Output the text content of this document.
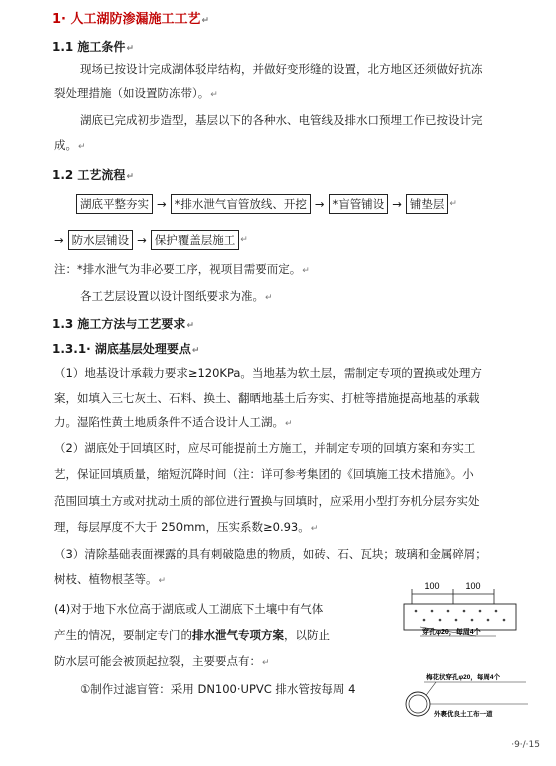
1· 人工湖防渗漏施工工艺↵
1.1 施工条件↵
现场已按设计完成湖体驳岸结构，并做好变形缝的设置，北方地区还须做好抗冻
裂处理措施（如设置防冻带）。↵
湖底已完成初步造型，基层以下的各种水、电管线及排水口预埋工作已按设计完
成。↵
1.2 工艺流程↵
湖底平整夯实 → *排水泄气盲管放线、开挖 → *盲管铺设 → 铺垫层 ↵
→ 防水层铺设 → 保护覆盖层施工 ↵
注：*排水泄气为非必要工序，视项目需要而定。↵
各工艺层设置以设计图纸要求为准。↵
1.3 施工方法与工艺要求↵
1.3.1· 湖底基层处理要点↵
（1）地基设计承载力要求≥120KPa。当地基为软土层，需制定专项的置换或处理方
案，如填入三七灰土、石料、换土、翻晒地基土后夯实、打桩等措施提高地基的承载
力。湿陷性黄土地质条件不适合设计人工湖。↵
（2）湖底处于回填区时，应尽可能提前土方施工，并制定专项的回填方案和夯实工
艺，保证回填质量，缩短沉降时间（注：详可参考集团的《回填施工技术措施》。小
范围回填土方或对扰动土质的部位进行置换与回填时，应采用小型打夯机分层夯实处
理，每层厚度不大于 250mm，压实系数≥0.93。↵
（3）清除基础表面裸露的具有刺破隐患的物质，如砖、石、瓦块；玻璃和金属碎屑；
树枝、植物根茎等。↵
(4)对于地下水位高于湖底或人工湖底下土壤中有气体
产生的情况，要制定专门的排水泄气专项方案，以防止
防水层可能会被顶起拉裂，主要要点有：↵
①制作过滤盲管：采用 DN100·UPVC 排水管按每周 4
100	100
穿孔φ20，每周4个
梅花状穿孔φ20，每周4个
外裹优良土工布一道
·9·/·15
